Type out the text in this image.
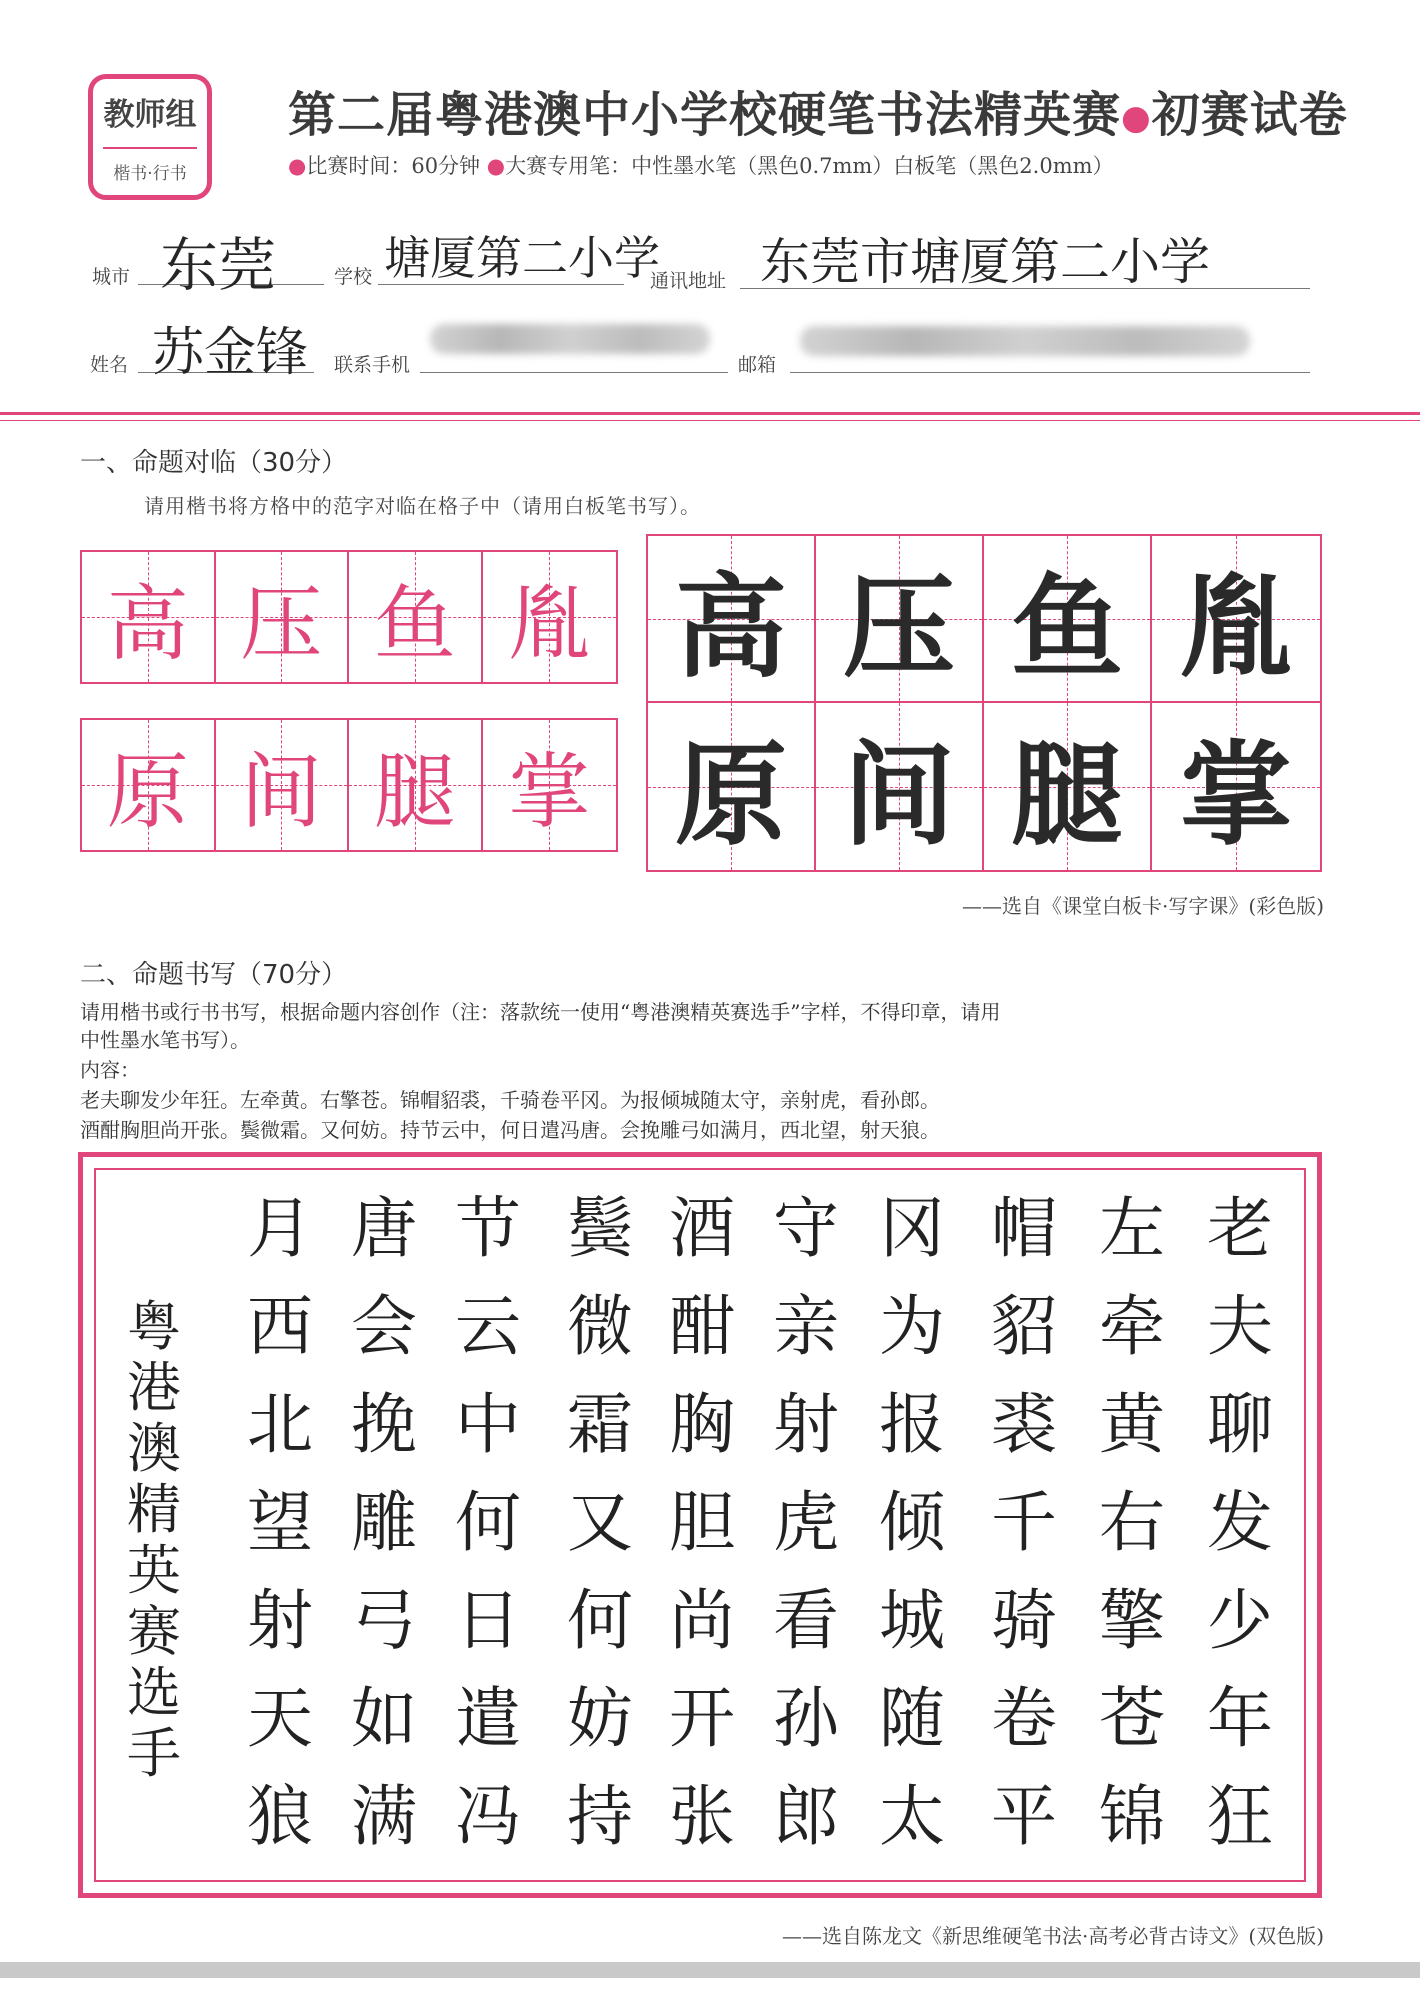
教师组
楷书·行书
第二届粤港澳中小学校硬笔书法精英赛●初赛试卷
●比赛时间：60分钟 ●大赛专用笔：中性墨水笔（黑色0.7mm）白板笔（黑色2.0mm）
城市 东莞	学校 塘厦第二小学
通讯地址 东莞市塘厦第二小学
姓名 苏金锋 联系手机	邮箱
一、命题对临（30分）
请用楷书将方格中的范字对临在格子中（请用白板笔书写）。
高 压 鱼 胤
原 间 腿 掌
高 压 鱼 胤
原 间 腿 掌
——选自《课堂白板卡·写字课》(彩色版)
二、命题书写（70分）
请用楷书或行书书写，根据命题内容创作（注：落款统一使用“粤港澳精英赛选手”字样，不得印章，请用
中性墨水笔书写）。
内容：
老夫聊发少年狂。左牵黄。右擎苍。锦帽貂裘，千骑卷平冈。为报倾城随太守，亲射虎，看孙郎。
酒酣胸胆尚开张。鬓微霜。又何妨。持节云中，何日遣冯唐。会挽雕弓如满月，西北望，射天狼。
老
夫
聊
发
少
年
狂
左
牵
黄
右
擎
苍
锦
帽
貂
裘
千
骑
卷
平
冈
为
报
倾
城
随
太
守
亲
射
虎
看
孙
郎
酒
酣
胸
胆
尚
开
张
鬓
微
霜
又
何
妨
持
节
云
中
何
日
遣
冯
唐
会
挽
雕
弓
如
满
月
西
北
望
射
天
狼
粤
港
澳
精
英
赛
选
手
——选自陈龙文《新思维硬笔书法·高考必背古诗文》(双色版)
